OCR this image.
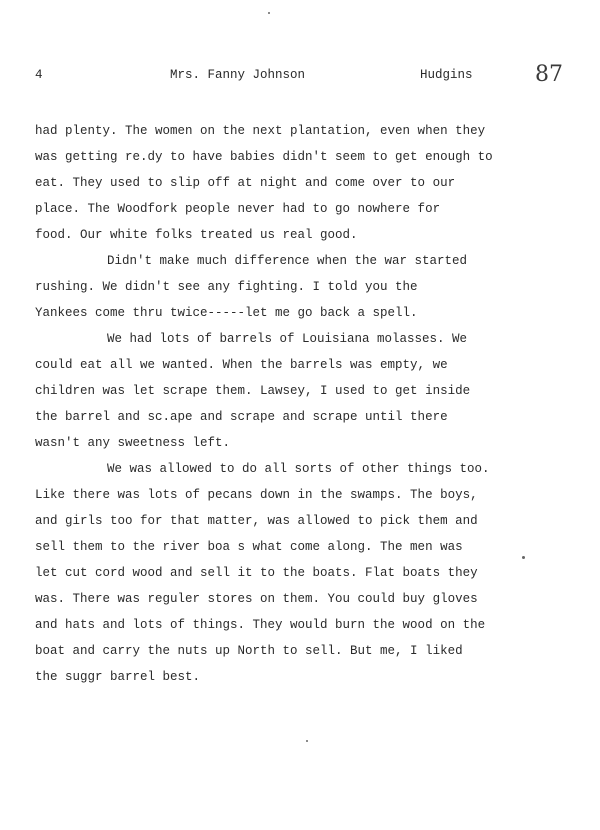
4	Mrs. Fanny Johnson	Hudgins	87
had plenty. The women on the next plantation, even when they
was getting re.dy to have babies didn't seem to get enough to
eat. They used to slip off at night and come over to our
place. The Woodfork people never had to go nowhere for
food. Our white folks treated us real good.
Didn't make much difference when the war started
rushing. We didn't see any fighting. I told you the
Yankees come thru twice-----let me go back a spell.
We had lots of barrels of Louisiana molasses. We
could eat all we wanted. When the barrels was empty, we
children was let scrape them. Lawsey, I used to get inside
the barrel and sc.ape and scrape and scrape until there
wasn't any sweetness left.
We was allowed to do all sorts of other things too.
Like there was lots of pecans down in the swamps. The boys,
and girls too for that matter, was allowed to pick them and
sell them to the river boa s what come along. The men was
let cut cord wood and sell it to the boats. Flat boats they
was. There was reguler stores on them. You could buy gloves
and hats and lots of things. They would burn the wood on the
boat and carry the nuts up North to sell. But me, I liked
the suggr barrel best.
